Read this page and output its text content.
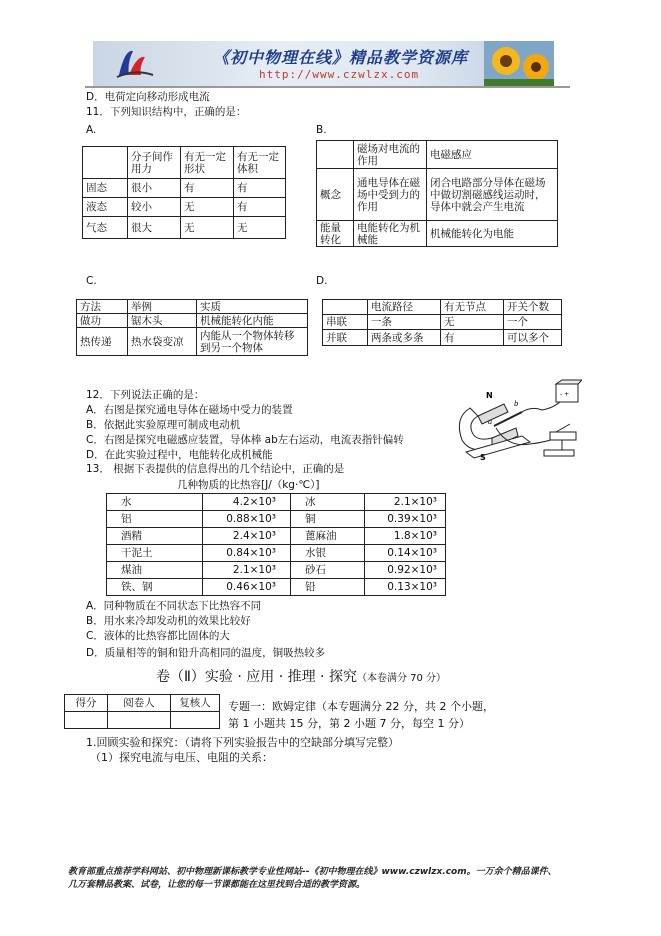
《初中物理在线》精品教学资源库
http://www.czwlzx.com
D．电荷定向移动形成电流
11．下列知识结构中，正确的是：
A.	B.
	分子间作用力	有无一定形状	有无一定体积
固态	很小	有	有
液态	较小	无	有
气态	很大	无	无
	磁场对电流的作用	电磁感应
概念	通电导体在磁场中受到力的作用	闭合电路部分导体在磁场中做切割磁感线运动时，导体中就会产生电流
能量转化	电能转化为机械能	机械能转化为电能
C.	D.
方法	举例	实质
做功	锯木头	机械能转化内能
热传递	热水袋变凉	内能从一个物体转移到另一个物体
	电流路径	有无节点	开关个数
串联	一条	无	一个
并联	两条或多条	有	可以多个
12．下列说法正确的是：
A．右图是探究通电导体在磁场中受力的装置
B．依据此实验原理可制成电动机
C．右图是探究电磁感应装置，导体棒 ab左右运动，电流表指针偏转
D．在此实验过程中，电能转化成机械能
- +
N
S
a
b
13． 根据下表提供的信息得出的几个结论中，正确的是
几种物质的比热容[J/（kg·℃）]
水	4.2×10³	冰	2.1×10³
铝	0.88×10³	铜	0.39×10³
酒精	2.4×10³	蓖麻油	1.8×10³
干泥土	0.84×10³	水银	0.14×10³
煤油	2.1×10³	砂石	0.92×10³
铁、钢	0.46×10³	铅	0.13×10³
A．同种物质在不同状态下比热容不同
B．用水来冷却发动机的效果比较好
C．液体的比热容都比固体的大
D．质量相等的铜和铅升高相同的温度，铜吸热较多
卷（Ⅱ）实验 · 应用 · 推理 · 探究（本卷满分 70 分）
得分	阅卷人	复核人
		专题一：欧姆定律（本专题满分 22 分，共 2 个小题，
第 1 小题共 15 分，第 2 小题 7 分，每空 1 分）
1.回顾实验和探究：（请将下列实验报告中的空缺部分填写完整）
（1）探究电流与电压、电阻的关系：
教育部重点推荐学科网站、初中物理新课标教学专业性网站--《初中物理在线》www.czwlzx.com。一万余个精品课件、
几万套精品教案、试卷，让您的每一节课都能在这里找到合适的教学资源。
